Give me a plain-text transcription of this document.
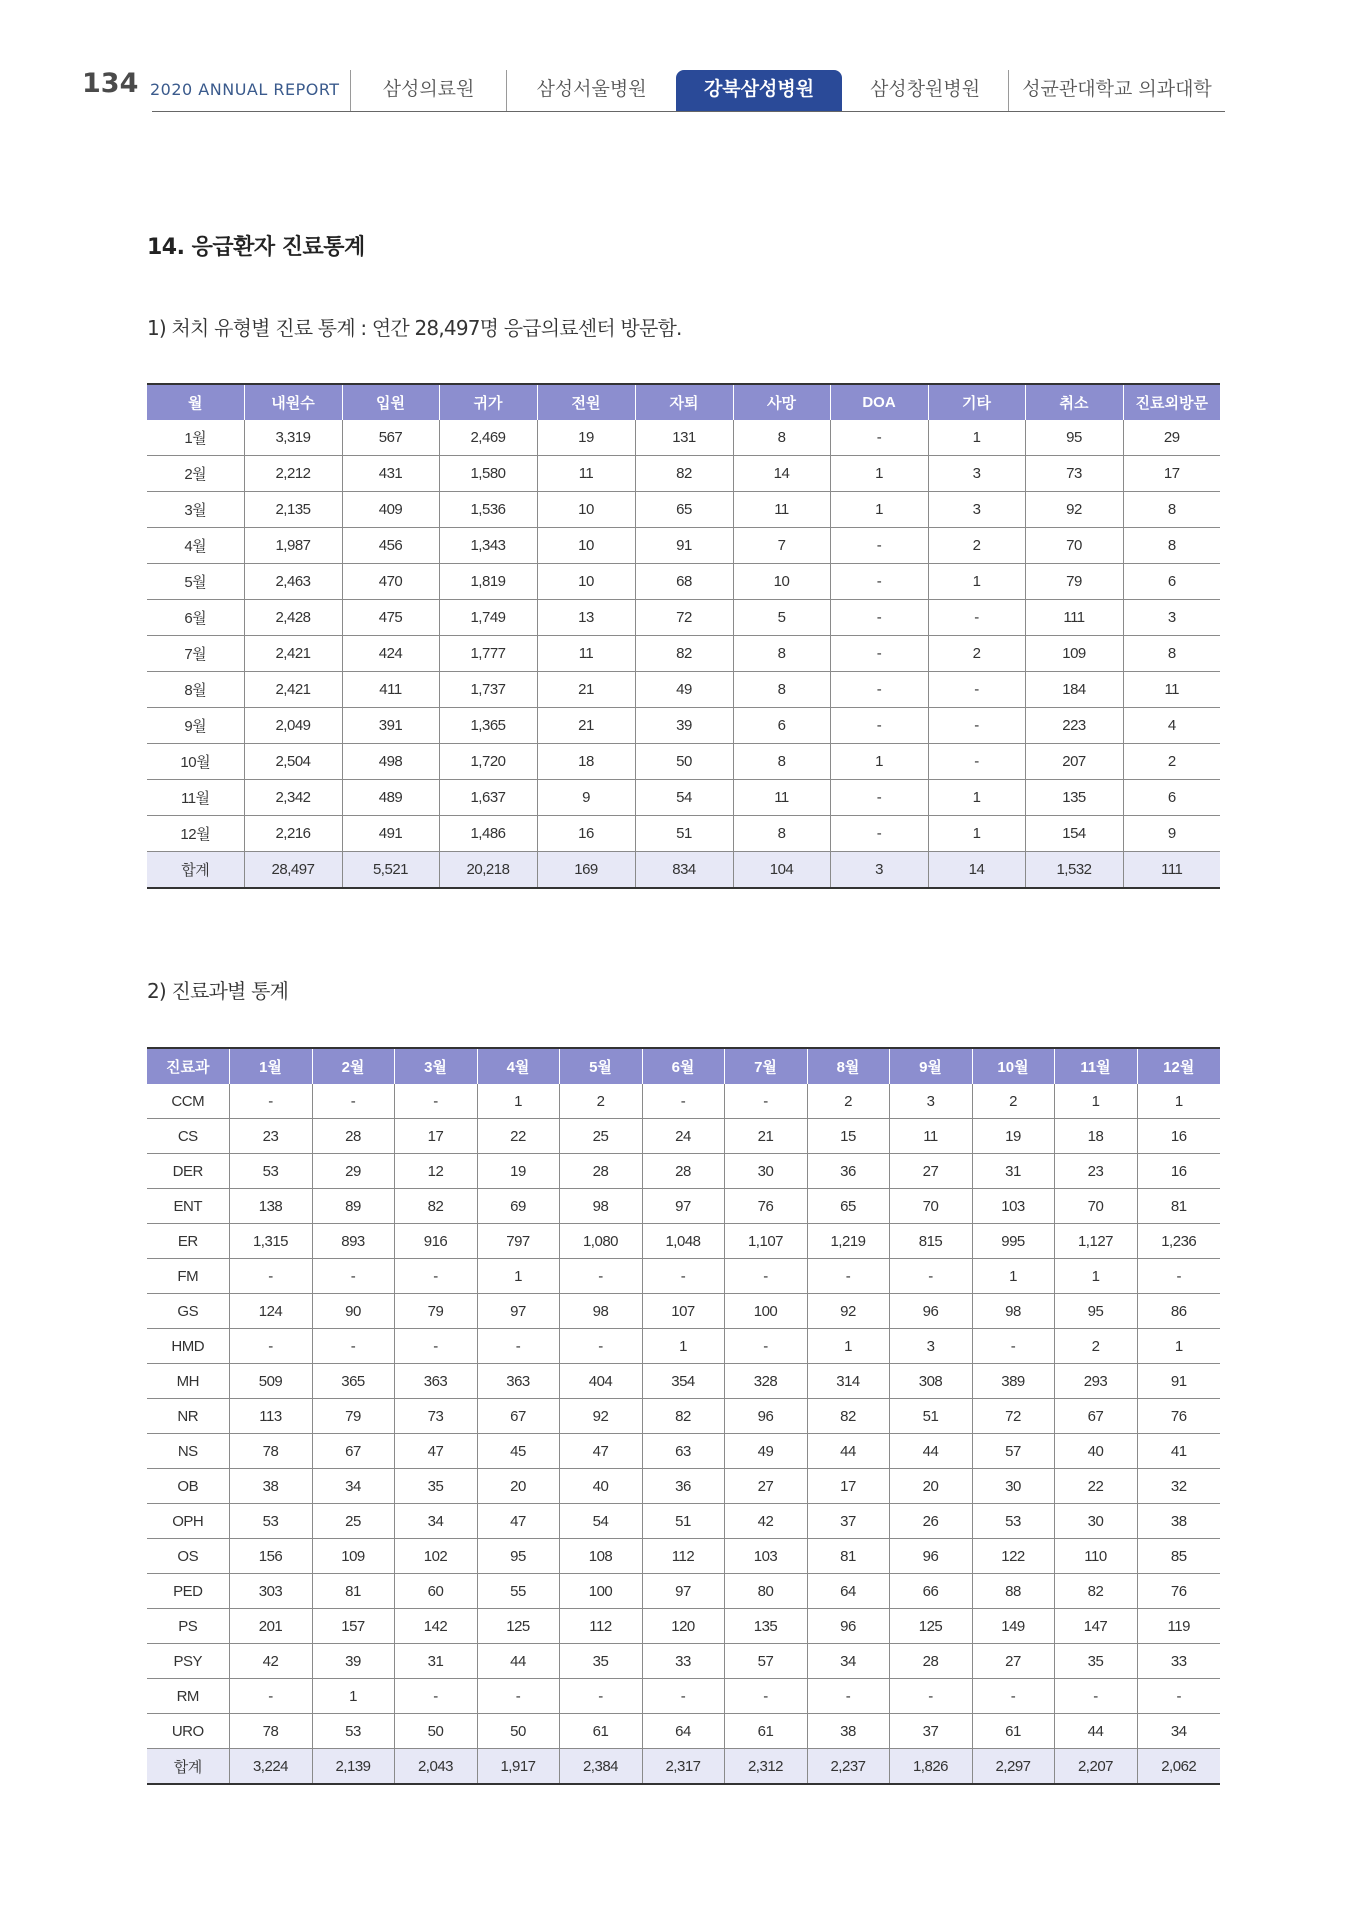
134 2020 ANNUAL REPORT	삼성의료원	삼성서울병원	강북삼성병원	삼성창원병원	성균관대학교 의과대학
14. 응급환자 진료통계
1) 처치 유형별 진료 통계 : 연간 28,497명 응급의료센터 방문함.
2) 진료과별 통계
월	내원수	입원	귀가	전원	자퇴	사망	DOA	기타	취소	진료외방문
1월	3,319	567	2,469	19	131	8	-	1	95	29
2월	2,212	431	1,580	11	82	14	1	3	73	17
3월	2,135	409	1,536	10	65	11	1	3	92	8
4월	1,987	456	1,343	10	91	7	-	2	70	8
5월	2,463	470	1,819	10	68	10	-	1	79	6
6월	2,428	475	1,749	13	72	5	-	-	111	3
7월	2,421	424	1,777	11	82	8	-	2	109	8
8월	2,421	411	1,737	21	49	8	-	-	184	11
9월	2,049	391	1,365	21	39	6	-	-	223	4
10월	2,504	498	1,720	18	50	8	1	-	207	2
11월	2,342	489	1,637	9	54	11	-	1	135	6
12월	2,216	491	1,486	16	51	8	-	1	154	9
합계	28,497	5,521	20,218	169	834	104	3	14	1,532	111
진료과	1월	2월	3월	4월	5월	6월	7월	8월	9월	10월	11월	12월
CCM	-	-	-	1	2	-	-	2	3	2	1	1
CS	23	28	17	22	25	24	21	15	11	19	18	16
DER	53	29	12	19	28	28	30	36	27	31	23	16
ENT	138	89	82	69	98	97	76	65	70	103	70	81
ER	1,315	893	916	797	1,080	1,048	1,107	1,219	815	995	1,127	1,236
FM	-	-	-	1	-	-	-	-	-	1	1	-
GS	124	90	79	97	98	107	100	92	96	98	95	86
HMD	-	-	-	-	-	1	-	1	3	-	2	1
MH	509	365	363	363	404	354	328	314	308	389	293	91
NR	113	79	73	67	92	82	96	82	51	72	67	76
NS	78	67	47	45	47	63	49	44	44	57	40	41
OB	38	34	35	20	40	36	27	17	20	30	22	32
OPH	53	25	34	47	54	51	42	37	26	53	30	38
OS	156	109	102	95	108	112	103	81	96	122	110	85
PED	303	81	60	55	100	97	80	64	66	88	82	76
PS	201	157	142	125	112	120	135	96	125	149	147	119
PSY	42	39	31	44	35	33	57	34	28	27	35	33
RM	-	1	-	-	-	-	-	-	-	-	-	-
URO	78	53	50	50	61	64	61	38	37	61	44	34
합계	3,224	2,139	2,043	1,917	2,384	2,317	2,312	2,237	1,826	2,297	2,207	2,062
